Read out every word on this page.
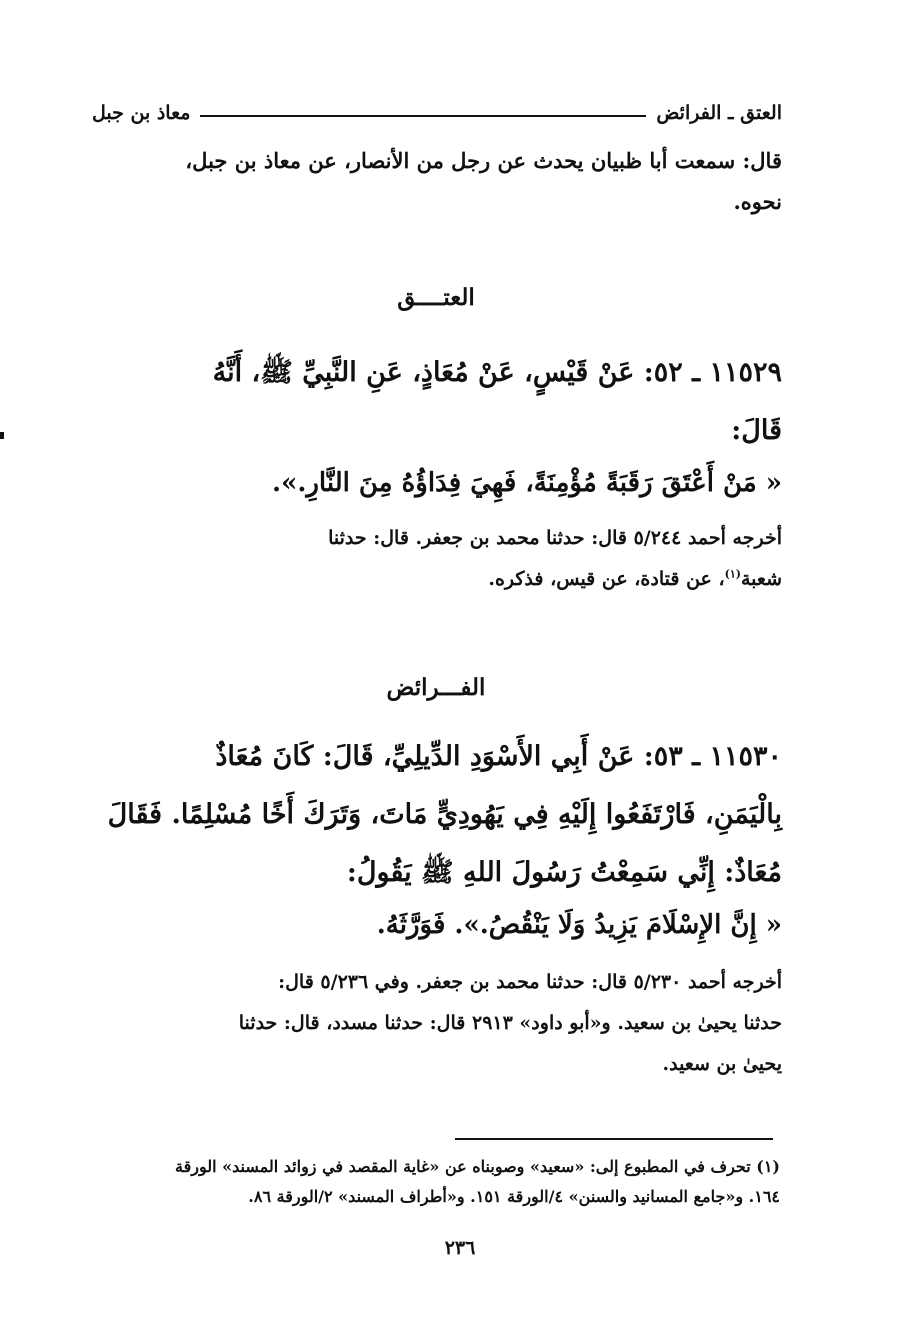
العتق ـ الفرائض
معاذ بن جبل
قال: سمعت أبا ظبيان يحدث عن رجل من الأنصار، عن معاذ بن جبل،
نحوه.
العتــــق
١١٥٢٩ ـ ٥٢: عَنْ قَيْسٍ، عَنْ مُعَاذٍ، عَنِ النَّبِيِّ ﷺ، أَنَّهُ
قَالَ:
« مَنْ أَعْتَقَ رَقَبَةً مُؤْمِنَةً، فَهِيَ فِدَاؤُهُ مِنَ النَّارِ.».
أخرجه أحمد ٥/٢٤٤ قال: حدثنا محمد بن جعفر. قال: حدثنا
شعبة$^{(١)}$، عن قتادة، عن قيس، فذكره.
الفـــرائض
١١٥٣٠ ـ ٥٣: عَنْ أَبِي الأَسْوَدِ الدِّيلِيِّ، قَالَ: كَانَ مُعَاذٌ
بِالْيَمَنِ، فَارْتَفَعُوا إِلَيْهِ فِي يَهُودِيٍّ مَاتَ، وَتَرَكَ أَخًا مُسْلِمًا. فَقَالَ
مُعَاذٌ: إِنِّي سَمِعْتُ رَسُولَ اللهِ ﷺ يَقُولُ:
« إِنَّ الإِسْلَامَ يَزِيدُ وَلَا يَنْقُصُ.». فَوَرَّثَهُ.
أخرجه أحمد ٥/٢٣٠ قال: حدثنا محمد بن جعفر. وفي ٥/٢٣٦ قال:
حدثنا يحيىٰ بن سعيد. و«أبو داود» ٢٩١٣ قال: حدثنا مسدد، قال: حدثنا
يحيىٰ بن سعيد.
(١) تحرف في المطبوع إلى: «سعيد» وصوبناه عن «غاية المقصد في زوائد المسند» الورقة
١٦٤. و«جامع المسانيد والسنن» ٤/الورقة ١٥١. و«أطراف المسند» ٢/الورقة ٨٦.
٢٣٦
